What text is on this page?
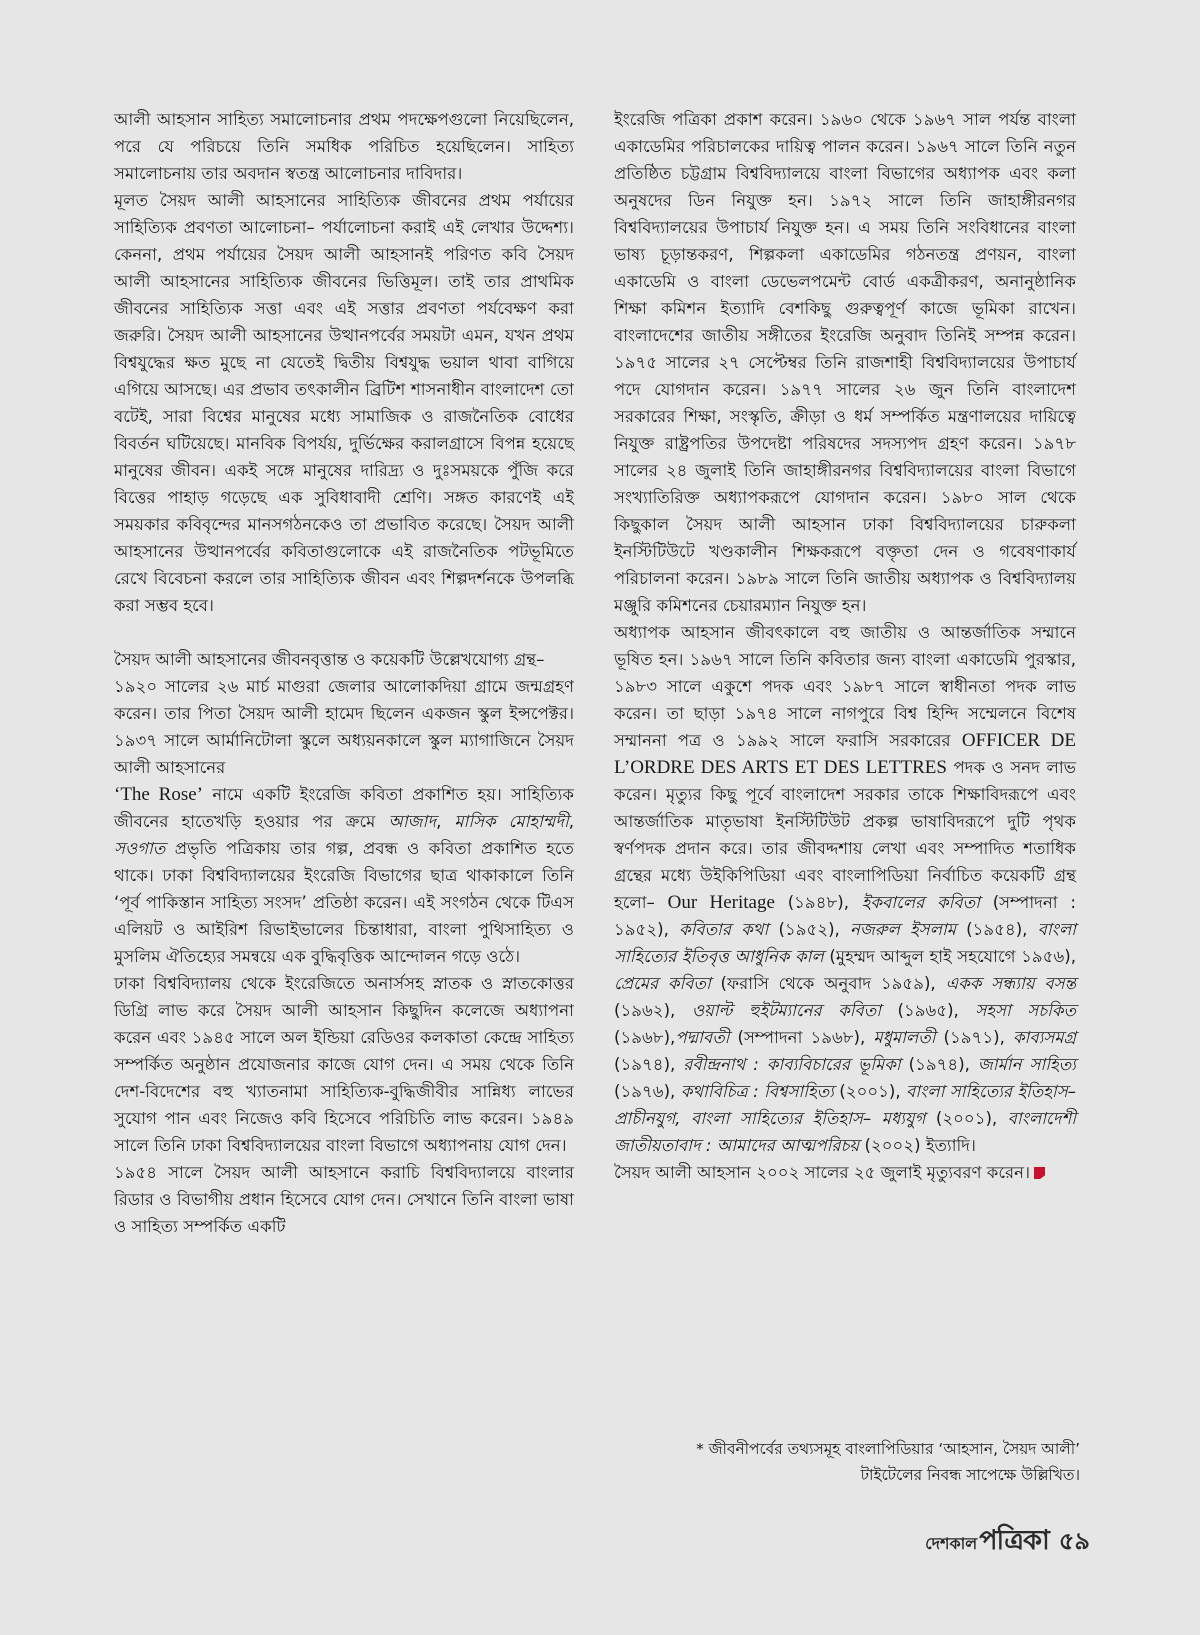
আলী আহসান সাহিত্য সমালোচনার প্রথম পদক্ষেপগুলো নিয়েছিলেন, পরে যে পরিচয়ে তিনি সমধিক পরিচিত হয়েছিলেন। সাহিত্য সমালোচনায় তার অবদান স্বতন্ত্র আলোচনার দাবিদার।

মূলত সৈয়দ আলী আহসানের সাহিত্যিক জীবনের প্রথম পর্যায়ের সাহিত্যিক প্রবণতা আলোচনা– পর্যালোচনা করাই এই লেখার উদ্দেশ্য। কেননা, প্রথম পর্যায়ের সৈয়দ আলী আহসানই পরিণত কবি সৈয়দ আলী আহসানের সাহিত্যিক জীবনের ভিত্তিমূল। তাই তার প্রাথমিক জীবনের সাহিত্যিক সত্তা এবং এই সত্তার প্রবণতা পর্যবেক্ষণ করা জরুরি। সৈয়দ আলী আহসানের উত্থানপর্বের সময়টা এমন, যখন প্রথম বিশ্বযুদ্ধের ক্ষত মুছে না যেতেই দ্বিতীয় বিশ্বযুদ্ধ ভয়াল থাবা বাগিয়ে এগিয়ে আসছে। এর প্রভাব তৎকালীন ব্রিটিশ শাসনাধীন বাংলাদেশ তো বটেই, সারা বিশ্বের মানুষের মধ্যে সামাজিক ও রাজনৈতিক বোধের বিবর্তন ঘটিয়েছে। মানবিক বিপর্যয়, দুর্ভিক্ষের করালগ্রাসে বিপন্ন হয়েছে মানুষের জীবন। একই সঙ্গে মানুষের দারিদ্র্য ও দুঃসময়কে পুঁজি করে বিত্তের পাহাড় গড়েছে এক সুবিধাবাদী শ্রেণি। সঙ্গত কারণেই এই সময়কার কবিবৃন্দের মানসগঠনকেও তা প্রভাবিত করেছে। সৈয়দ আলী আহসানের উত্থানপর্বের কবিতাগুলোকে এই রাজনৈতিক পটভূমিতে রেখে বিবেচনা করলে তার সাহিত্যিক জীবন এবং শিল্পদর্শনকে উপলব্ধি করা সম্ভব হবে।

সৈয়দ আলী আহসানের জীবনবৃত্তান্ত ও কয়েকটি উল্লেখযোগ্য গ্রন্থ–

১৯২০ সালের ২৬ মার্চ মাগুরা জেলার আলোকদিয়া গ্রামে জন্মগ্রহণ করেন। তার পিতা সৈয়দ আলী হামেদ ছিলেন একজন স্কুল ইন্সপেক্টর। ১৯৩৭ সালে আর্মানিটোলা স্কুলে অধ্যয়নকালে স্কুল ম্যাগাজিনে সৈয়দ আলী আহসানের
‘The Rose’ নামে একটি ইংরেজি কবিতা প্রকাশিত হয়। সাহিত্যিক জীবনের হাতেখড়ি হওয়ার পর ক্রমে আজাদ, মাসিক মোহাম্মদী, সওগাত প্রভৃতি পত্রিকায় তার গল্প, প্রবন্ধ ও কবিতা প্রকাশিত হতে থাকে। ঢাকা বিশ্ববিদ্যালয়ের ইংরেজি বিভাগের ছাত্র থাকাকালে তিনি ‘পূর্ব পাকিস্তান সাহিত্য সংসদ’ প্রতিষ্ঠা করেন। এই সংগঠন থেকে টিএস এলিয়ট ও আইরিশ রিভাইভালের চিন্তাধারা, বাংলা পুথিসাহিত্য ও মুসলিম ঐতিহ্যের সমন্বয়ে এক বুদ্ধিবৃত্তিক আন্দোলন গড়ে ওঠে।

ঢাকা বিশ্ববিদ্যালয় থেকে ইংরেজিতে অনার্সসহ স্নাতক ও স্নাতকোত্তর ডিগ্রি লাভ করে সৈয়দ আলী আহসান কিছুদিন কলেজে অধ্যাপনা করেন এবং ১৯৪৫ সালে অল ইন্ডিয়া রেডিওর কলকাতা কেন্দ্রে সাহিত্য সম্পর্কিত অনুষ্ঠান প্রযোজনার কাজে যোগ দেন। এ সময় থেকে তিনি দেশ-বিদেশের বহু খ্যাতনামা সাহিত্যিক-বুদ্ধিজীবীর সান্নিধ্য লাভের সুযোগ পান এবং নিজেও কবি হিসেবে পরিচিতি লাভ করেন। ১৯৪৯ সালে তিনি ঢাকা বিশ্ববিদ্যালয়ের বাংলা বিভাগে অধ্যাপনায় যোগ দেন।

১৯৫৪ সালে সৈয়দ আলী আহসানে করাচি বিশ্ববিদ্যালয়ে বাংলার রিডার ও বিভাগীয় প্রধান হিসেবে যোগ দেন। সেখানে তিনি বাংলা ভাষা ও সাহিত্য সম্পর্কিত একটি

ইংরেজি পত্রিকা প্রকাশ করেন। ১৯৬০ থেকে ১৯৬৭ সাল পর্যন্ত বাংলা একাডেমির পরিচালকের দায়িত্ব পালন করেন। ১৯৬৭ সালে তিনি নতুন প্রতিষ্ঠিত চট্টগ্রাম বিশ্ববিদ্যালয়ে বাংলা বিভাগের অধ্যাপক এবং কলা অনুষদের ডিন নিযুক্ত হন। ১৯৭২ সালে তিনি জাহাঙ্গীরনগর বিশ্ববিদ্যালয়ের উপাচার্য নিযুক্ত হন। এ সময় তিনি সংবিধানের বাংলা ভাষ্য চূড়ান্তকরণ, শিল্পকলা একাডেমির গঠনতন্ত্র প্রণয়ন, বাংলা একাডেমি ও বাংলা ডেভেলপমেন্ট বোর্ড একত্রীকরণ, অনানুষ্ঠানিক শিক্ষা কমিশন ইত্যাদি বেশকিছু গুরুত্বপূর্ণ কাজে ভূমিকা রাখেন। বাংলাদেশের জাতীয় সঙ্গীতের ইংরেজি অনুবাদ তিনিই সম্পন্ন করেন। ১৯৭৫ সালের ২৭ সেপ্টেম্বর তিনি রাজশাহী বিশ্ববিদ্যালয়ের উপাচার্য পদে যোগদান করেন। ১৯৭৭ সালের ২৬ জুন তিনি বাংলাদেশ সরকারের শিক্ষা, সংস্কৃতি, ক্রীড়া ও ধর্ম সম্পর্কিত মন্ত্রণালয়ের দায়িত্বে নিযুক্ত রাষ্ট্রপতির উপদেষ্টা পরিষদের সদস্যপদ গ্রহণ করেন। ১৯৭৮ সালের ২৪ জুলাই তিনি জাহাঙ্গীরনগর বিশ্ববিদ্যালয়ের বাংলা বিভাগে সংখ্যাতিরিক্ত অধ্যাপকরূপে যোগদান করেন। ১৯৮০ সাল থেকে কিছুকাল সৈয়দ আলী আহসান ঢাকা বিশ্ববিদ্যালয়ের চারুকলা ইনস্টিটিউটে খণ্ডকালীন শিক্ষকরূপে বক্তৃতা দেন ও গবেষণাকার্য পরিচালনা করেন। ১৯৮৯ সালে তিনি জাতীয় অধ্যাপক ও বিশ্ববিদ্যালয় মঞ্জুরি কমিশনের চেয়ারম্যান নিযুক্ত হন।

অধ্যাপক আহসান জীবৎকালে বহু জাতীয় ও আন্তর্জাতিক সম্মানে ভূষিত হন। ১৯৬৭ সালে তিনি কবিতার জন্য বাংলা একাডেমি পুরস্কার, ১৯৮৩ সালে একুশে পদক এবং ১৯৮৭ সালে স্বাধীনতা পদক লাভ করেন। তা ছাড়া ১৯৭৪ সালে নাগপুরে বিশ্ব হিন্দি সম্মেলনে বিশেষ সম্মাননা পত্র ও ১৯৯২ সালে ফরাসি সরকারের OFFICER DE L’ORDRE DES ARTS ET DES LETTRES পদক ও সনদ লাভ করেন। মৃত্যুর কিছু পূর্বে বাংলাদেশ সরকার তাকে শিক্ষাবিদরূপে এবং আন্তর্জাতিক মাতৃভাষা ইনস্টিটিউট প্রকল্প ভাষাবিদরূপে দুটি পৃথক স্বর্ণপদক প্রদান করে। তার জীবদ্দশায় লেখা এবং সম্পাদিত শতাধিক গ্রন্থের মধ্যে উইকিপিডিয়া এবং বাংলাপিডিয়া নির্বাচিত কয়েকটি গ্রন্থ হলো– Our Heritage (১৯৪৮), ইকবালের কবিতা (সম্পাদনা : ১৯৫২), কবিতার কথা (১৯৫২), নজরুল ইসলাম (১৯৫৪), বাংলা সাহিত্যের ইতিবৃত্ত আধুনিক কাল (মুহম্মদ আব্দুল হাই সহযোগে ১৯৫৬), প্রেমের কবিতা (ফরাসি থেকে অনুবাদ ১৯৫৯), একক সন্ধ্যায় বসন্ত (১৯৬২), ওয়াল্ট হুইটম্যানের কবিতা (১৯৬৫), সহসা সচকিত (১৯৬৮),পদ্মাবতী (সম্পাদনা ১৯৬৮), মধুমালতী (১৯৭১), কাব্যসমগ্র (১৯৭৪), রবীন্দ্রনাথ : কাব্যবিচারের ভূমিকা (১৯৭৪), জার্মান সাহিত্য (১৯৭৬), কথাবিচিত্র : বিশ্বসাহিত্য (২০০১), বাংলা সাহিত্যের ইতিহাস– প্রাচীনযুগ, বাংলা সাহিত্যের ইতিহাস– মধ্যযুগ (২০০১), বাংলাদেশী জাতীয়তাবাদ : আমাদের আত্মপরিচয় (২০০২) ইত্যাদি।

সৈয়দ আলী আহসান ২০০২ সালের ২৫ জুলাই মৃত্যুবরণ করেন।

* জীবনীপর্বের তথ্যসমূহ বাংলাপিডিয়ার ‘আহসান, সৈয়দ আলী’
টাইটেলের নিবন্ধ সাপেক্ষে উল্লিখিত।
দেশকাল পত্রিকা ৫৯
